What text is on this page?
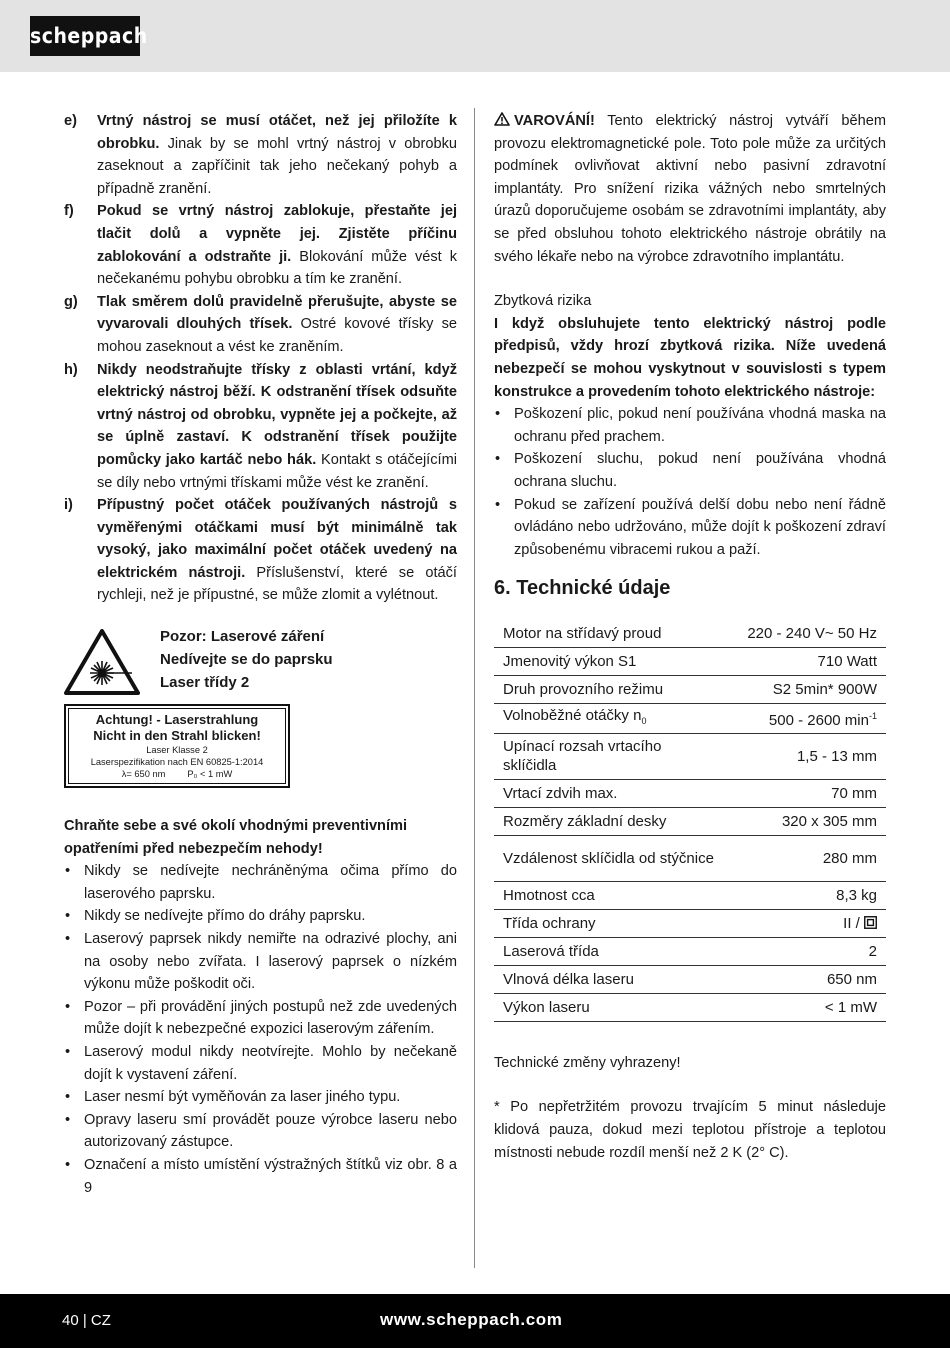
scheppach
e)	Vrtný nástroj se musí otáčet, než jej přiložíte k obrobku. Jinak by se mohl vrtný nástroj v obrobku zaseknout a zapříčinit tak jeho nečekaný pohyb a případně zranění.
f)	Pokud se vrtný nástroj zablokuje, přestaňte jej tlačit dolů a vypněte jej. Zjistěte příčinu zablokování a odstraňte ji. Blokování může vést k nečekanému pohybu obrobku a tím ke zranění.
g)	Tlak směrem dolů pravidelně přerušujte, abyste se vyvarovali dlouhých třísek. Ostré kovové třísky se mohou zaseknout a vést ke zraněním.
h)	Nikdy neodstraňujte třísky z oblasti vrtání, když elektrický nástroj běží. K odstranění třísek odsuňte vrtný nástroj od obrobku, vypněte jej a počkejte, až se úplně zastaví. K odstranění třísek použijte pomůcky jako kartáč nebo hák. Kontakt s otáčejícími se díly nebo vrtnými třískami může vést ke zranění.
i)	Přípustný počet otáček používaných nástrojů s vyměřenými otáčkami musí být minimálně tak vysoký, jako maximální počet otáček uvedený na elektrickém nástroji. Příslušenství, které se otáčí rychleji, než je přípustné, se může zlomit a vylétnout.
Pozor: Laserové záření
Nedívejte se do paprsku
Laser třídy 2
Achtung! - Laserstrahlung
Nicht in den Strahl blicken!
Laser Klasse 2
Laserspezifikation nach EN 60825-1:2014
λ= 650 nm P₀ < 1 mW
Chraňte sebe a své okolí vhodnými preventivními opatřeními před nebezpečím nehody!
• Nikdy se nedívejte nechráněnýma očima přímo do laserového paprsku.
• Nikdy se nedívejte přímo do dráhy paprsku.
• Laserový paprsek nikdy nemiřte na odrazivé plochy, ani na osoby nebo zvířata. I laserový paprsek o nízkém výkonu může poškodit oči.
• Pozor – při provádění jiných postupů než zde uvedených může dojít k nebezpečné expozici laserovým zářením.
• Laserový modul nikdy neotvírejte. Mohlo by nečekaně dojít k vystavení záření.
• Laser nesmí být vyměňován za laser jiného typu.
• Opravy laseru smí provádět pouze výrobce laseru nebo autorizovaný zástupce.
• Označení a místo umístění výstražných štítků viz obr. 8 a 9
VAROVÁNÍ! Tento elektrický nástroj vytváří během provozu elektromagnetické pole. Toto pole může za určitých podmínek ovlivňovat aktivní nebo pasivní zdravotní implantáty. Pro snížení rizika vážných nebo smrtelných úrazů doporučujeme osobám se zdravotními implantáty, aby se před obsluhou tohoto elektrického nástroje obrátily na svého lékaře nebo na výrobce zdravotního implantátu.
Zbytková rizika
I když obsluhujete tento elektrický nástroj podle předpisů, vždy hrozí zbytková rizika. Níže uvedená nebezpečí se mohou vyskytnout v souvislosti s typem konstrukce a provedením tohoto elektrického nástroje:
• Poškození plic, pokud není používána vhodná maska na ochranu před prachem.
• Poškození sluchu, pokud není používána vhodná ochrana sluchu.
• Pokud se zařízení používá delší dobu nebo není řádně ovládáno nebo udržováno, může dojít k poškození zdraví způsobenému vibracemi rukou a paží.
6. Technické údaje
Motor na střídavý proud	220 - 240 V~ 50 Hz
Jmenovitý výkon S1	710 Watt
Druh provozního režimu	S2 5min* 900W
Volnoběžné otáčky $n_0$	500 - 2600 $\min^{-1}$
Upínací rozsah vrtacího sklíčidla	1,5 - 13 mm
Vrtací zdvih max.	70 mm
Rozměry základní desky	320 x 305 mm
Vzdálenost sklíčidla od stýčnice	280 mm
Hmotnost cca	8,3 kg
Třída ochrany	II /
Laserová třída	2
Vlnová délka laseru	650 nm
Výkon laseru	< 1 mW
Technické změny vyhrazeny!
* Po nepřetržitém provozu trvajícím 5 minut následuje klidová pauza, dokud mezi teplotou přístroje a teplotou místnosti nebude rozdíl menší než 2 K (2° C).
40 | CZ	www.scheppach.com
